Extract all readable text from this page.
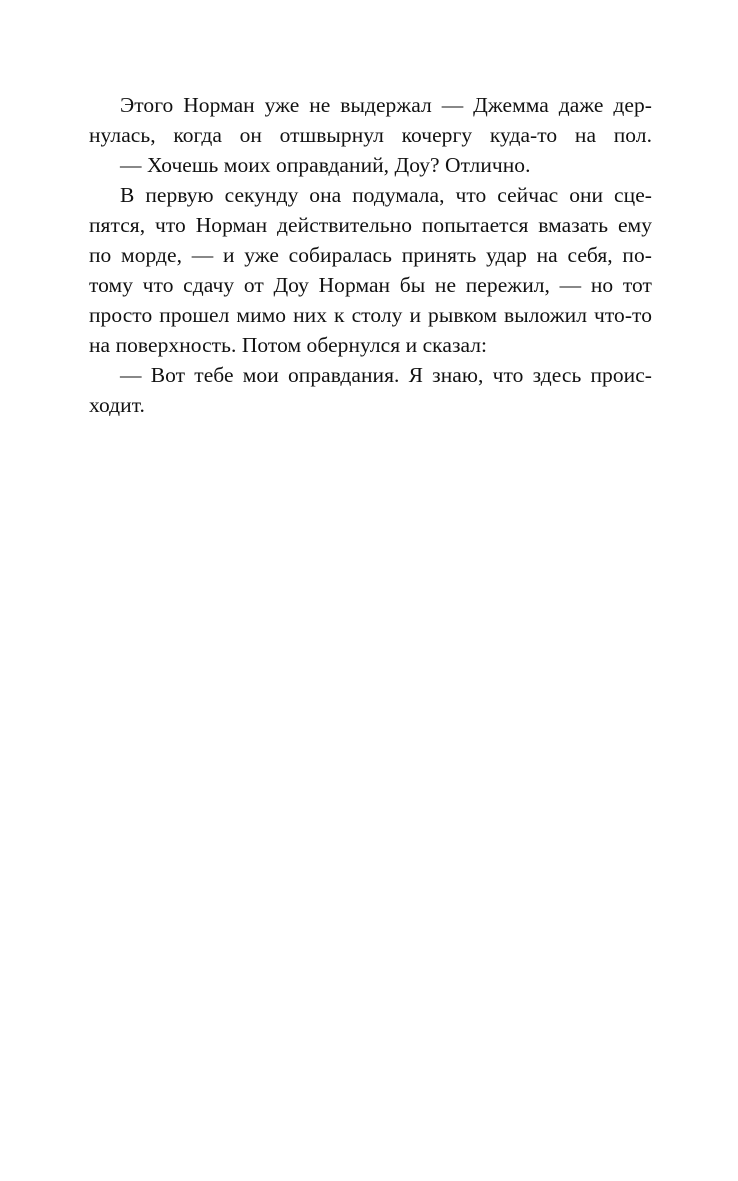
Этого Норман уже не выдержал — Джемма даже дер-
нулась, когда он отшвырнул кочергу куда-то на пол.
— Хочешь моих оправданий, Доу? Отлично.
В первую секунду она подумала, что сейчас они сце-
пятся, что Норман действительно попытается вмазать ему
по морде, — и уже собиралась принять удар на себя, по-
тому что сдачу от Доу Норман бы не пережил, — но тот
просто прошел мимо них к столу и рывком выложил что-то
на поверхность. Потом обернулся и сказал:
— Вот тебе мои оправдания. Я знаю, что здесь проис-
ходит.
